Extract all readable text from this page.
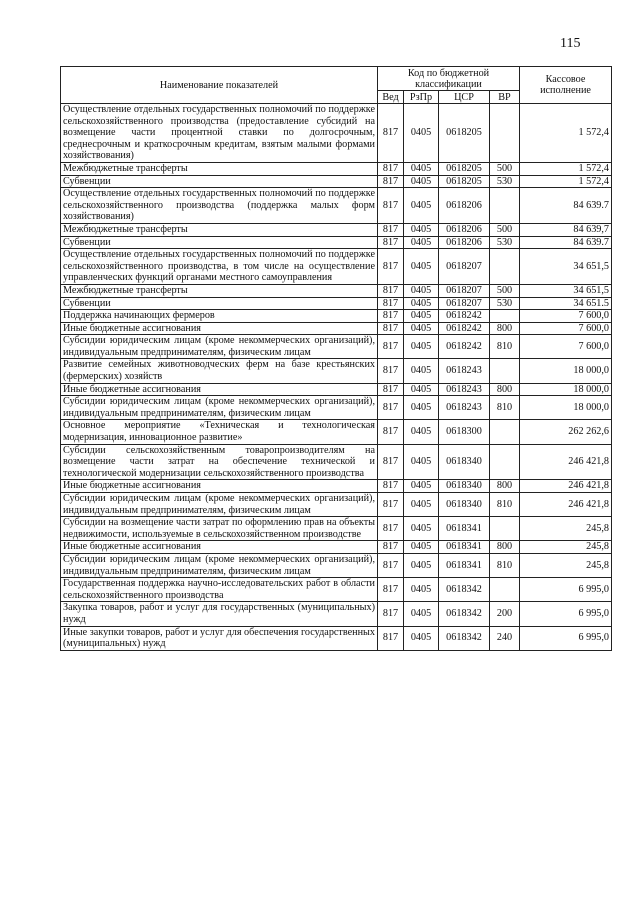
115
Наименование показателей	Код по бюджетной классификации				Кассовое исполнение
	Вед	РзПр	ЦСР	ВР	
Осуществление отдельных государственных полномочий по поддержке сельскохозяйственного производства (предоставление субсидий на возмещение части процентной ставки по долгосрочным, среднесрочным и краткосрочным кредитам, взятым малыми формами хозяйствования)	817	0405	0618205		1 572,4
Межбюджетные трансферты	817	0405	0618205	500	1 572,4
Субвенции	817	0405	0618205	530	1 572,4
Осуществление отдельных государственных полномочий по поддержке сельскохозяйственного производства (поддержка малых форм хозяйствования)	817	0405	0618206		84 639.7
Межбюджетные трансферты	817	0405	0618206	500	84 639,7
Субвенции	817	0405	0618206	530	84 639.7
Осуществление отдельных государственных полномочий по поддержке сельскохозяйственного производства, в том числе на осуществление управленческих функций органами местного самоуправления	817	0405	0618207		34 651,5
Межбюджетные трансферты	817	0405	0618207	500	34 651,5
Субвенции	817	0405	0618207	530	34 651.5
Поддержка начинающих фермеров	817	0405	0618242		7 600,0
Иные бюджетные ассигнования	817	0405	0618242	800	7 600,0
Субсидии юридическим лицам (кроме некоммерческих организаций), индивидуальным предпринимателям, физическим лицам	817	0405	0618242	810	7 600,0
Развитие семейных животноводческих ферм на базе крестьянских (фермерских) хозяйств	817	0405	0618243		18 000,0
Иные бюджетные ассигнования	817	0405	0618243	800	18 000,0
Субсидии юридическим лицам (кроме некоммерческих организаций), индивидуальным предпринимателям, физическим лицам	817	0405	0618243	810	18 000,0
Основное мероприятие «Техническая и технологическая модернизация, инновационное развитие»	817	0405	0618300		262 262,6
Субсидии сельскохозяйственным товаропроизводителям на возмещение части затрат на обеспечение технической и технологической модернизации сельскохозяйственного производства	817	0405	0618340		246 421,8
Иные бюджетные ассигнования	817	0405	0618340	800	246 421,8
Субсидии юридическим лицам (кроме некоммерческих организаций), индивидуальным предпринимателям, физическим лицам	817	0405	0618340	810	246 421,8
Субсидии на возмещение части затрат по оформлению прав на объекты недвижимости, используемые в сельскохозяйственном производстве	817	0405	0618341		245,8
Иные бюджетные ассигнования	817	0405	0618341	800	245,8
Субсидии юридическим лицам (кроме некоммерческих организаций), индивидуальным предпринимателям, физическим лицам	817	0405	0618341	810	245,8
Государственная поддержка научно-исследовательских работ в области сельскохозяйственного производства	817	0405	0618342		6 995,0
Закупка товаров, работ и услуг для государственных (муниципальных) нужд	817	0405	0618342	200	6 995,0
Иные закупки товаров, работ и услуг для обеспечения государственных (муниципальных) нужд	817	0405	0618342	240	6 995,0
